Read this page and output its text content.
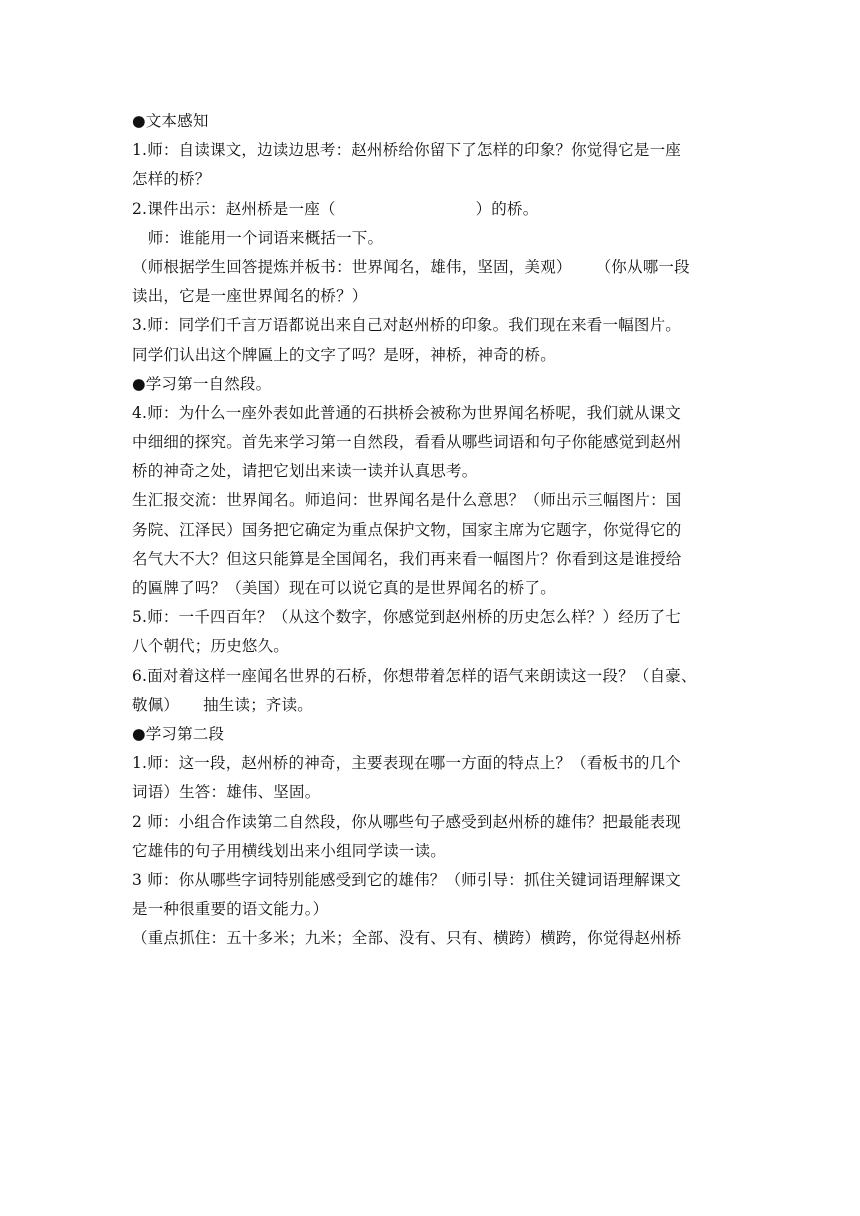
●文本感知
1.师：自读课文，边读边思考：赵州桥给你留下了怎样的印象？你觉得它是一座
怎样的桥？
2.课件出示：赵州桥是一座（	）的桥。
　师：谁能用一个词语来概括一下。
（师根据学生回答提炼并板书：世界闻名，雄伟，坚固，美观） （你从哪一段
读出，它是一座世界闻名的桥？）
3.师：同学们千言万语都说出来自己对赵州桥的印象。我们现在来看一幅图片。
同学们认出这个牌匾上的文字了吗？是呀，神桥，神奇的桥。
●学习第一自然段。
4.师：为什么一座外表如此普通的石拱桥会被称为世界闻名桥呢，我们就从课文
中细细的探究。首先来学习第一自然段，看看从哪些词语和句子你能感觉到赵州
桥的神奇之处，请把它划出来读一读并认真思考。
生汇报交流：世界闻名。师追问：世界闻名是什么意思？（师出示三幅图片：国
务院、江泽民）国务把它确定为重点保护文物，国家主席为它题字，你觉得它的
名气大不大？但这只能算是全国闻名，我们再来看一幅图片？你看到这是谁授给
的匾牌了吗？（美国）现在可以说它真的是世界闻名的桥了。
5.师：一千四百年？（从这个数字，你感觉到赵州桥的历史怎么样？）经历了七
八个朝代；历史悠久。
6.面对着这样一座闻名世界的石桥，你想带着怎样的语气来朗读这一段？（自豪、
敬佩） 抽生读；齐读。
●学习第二段
1.师：这一段，赵州桥的神奇，主要表现在哪一方面的特点上？（看板书的几个
词语）生答：雄伟、坚固。
2 师：小组合作读第二自然段，你从哪些句子感受到赵州桥的雄伟？把最能表现
它雄伟的句子用横线划出来小组同学读一读。
3 师：你从哪些字词特别能感受到它的雄伟？（师引导：抓住关键词语理解课文
是一种很重要的语文能力。）
（重点抓住：五十多米；九米；全部、没有、只有、横跨）横跨，你觉得赵州桥
